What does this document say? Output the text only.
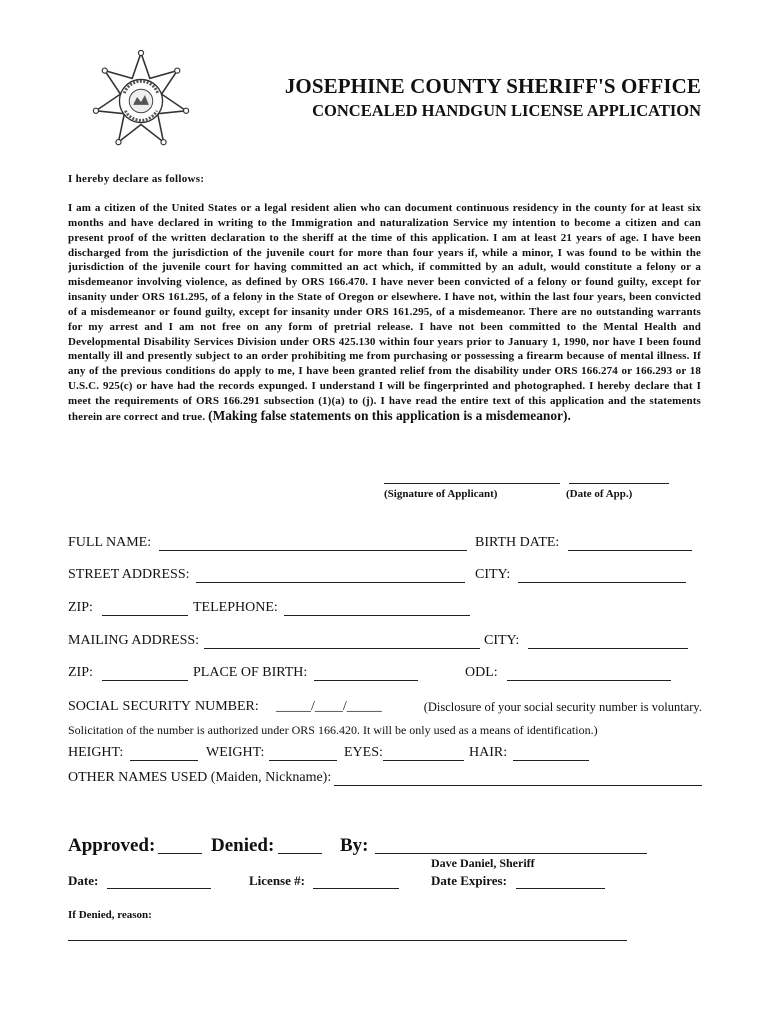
JOSEPHINE COUNTY SHERIFF'S OFFICE
CONCEALED HANDGUN LICENSE APPLICATION
I hereby declare as follows:
I am a citizen of the United States or a legal resident alien who can document continuous residency in the county for at least six months and have declared in writing to the Immigration and naturalization Service my intention to become a citizen and can present proof of the written declaration to the sheriff at the time of this application. I am at least 21 years of age. I have been discharged from the jurisdiction of the juvenile court for more than four years if, while a minor, I was found to be within the jurisdiction of the juvenile court for having committed an act which, if committed by an adult, would constitute a felony or a misdemeanor involving violence, as defined by ORS 166.470. I have never been convicted of a felony or found guilty, except for insanity under ORS 161.295, of a felony in the State of Oregon or elsewhere. I have not, within the last four years, been convicted of a misdemeanor or found guilty, except for insanity under ORS 161.295, of a misdemeanor. There are no outstanding warrants for my arrest and I am not free on any form of pretrial release. I have not been committed to the Mental Health and Developmental Disability Services Division under ORS 425.130 within four years prior to January 1, 1990, nor have I been found mentally ill and presently subject to an order prohibiting me from purchasing or possessing a firearm because of mental illness. If any of the previous conditions do apply to me, I have been granted relief from the disability under ORS 166.274 or 166.293 or 18 U.S.C. 925(c) or have had the records expunged. I understand I will be fingerprinted and photographed. I hereby declare that I meet the requirements of ORS 166.291 subsection (1)(a) to (j). I have read the entire text of this application and the statements therein are correct and true. (Making false statements on this application is a misdemeanor).
(Signature of Applicant)	(Date of App.)
FULL NAME:	BIRTH DATE:
STREET ADDRESS:	CITY:
ZIP:	TELEPHONE:
MAILING ADDRESS:	CITY:
ZIP:	PLACE OF BIRTH:	ODL:
SOCIAL SECURITY NUMBER: _____/____/_____	(Disclosure of your social security number is voluntary.
Solicitation of the number is authorized under ORS 166.420. It will be only used as a means of identification.)
HEIGHT:	WEIGHT:	EYES:	HAIR:
OTHER NAMES USED (Maiden, Nickname):
Approved:	Denied:	By:
Dave Daniel, Sheriff
Date:	License #:	Date Expires:
If Denied, reason:
